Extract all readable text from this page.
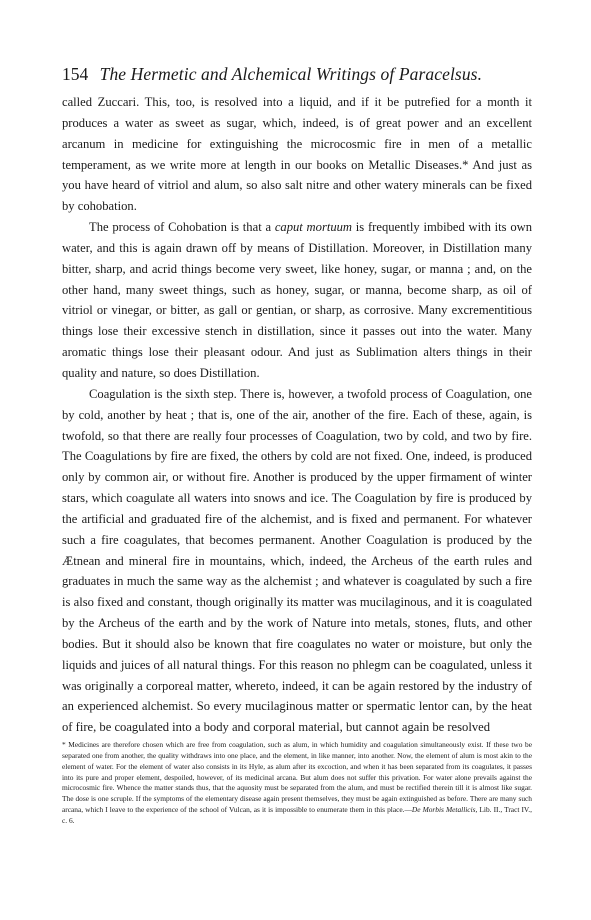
154 The Hermetic and Alchemical Writings of Paracelsus.

called Zuccari. This, too, is resolved into a liquid, and if it be putrefied for a month it produces a water as sweet as sugar, which, indeed, is of great power and an excellent arcanum in medicine for extinguishing the microcosmic fire in men of a metallic temperament, as we write more at length in our books on Metallic Diseases.* And just as you have heard of vitriol and alum, so also salt nitre and other watery minerals can be fixed by cohobation.

The process of Cohobation is that a caput mortuum is frequently imbibed with its own water, and this is again drawn off by means of Distillation. Moreover, in Distillation many bitter, sharp, and acrid things become very sweet, like honey, sugar, or manna ; and, on the other hand, many sweet things, such as honey, sugar, or manna, become sharp, as oil of vitriol or vinegar, or bitter, as gall or gentian, or sharp, as corrosive. Many excrementitious things lose their excessive stench in distillation, since it passes out into the water. Many aromatic things lose their pleasant odour. And just as Sublimation alters things in their quality and nature, so does Distillation.

Coagulation is the sixth step. There is, however, a twofold process of Coagulation, one by cold, another by heat ; that is, one of the air, another of the fire. Each of these, again, is twofold, so that there are really four processes of Coagulation, two by cold, and two by fire. The Coagulations by fire are fixed, the others by cold are not fixed. One, indeed, is produced only by common air, or without fire. Another is produced by the upper firmament of winter stars, which coagulate all waters into snows and ice. The Coagulation by fire is produced by the artificial and graduated fire of the alchemist, and is fixed and permanent. For whatever such a fire coagulates, that becomes permanent. Another Coagulation is produced by the Ætnean and mineral fire in mountains, which, indeed, the Archeus of the earth rules and graduates in much the same way as the alchemist ; and whatever is coagulated by such a fire is also fixed and constant, though originally its matter was mucilaginous, and it is coagulated by the Archeus of the earth and by the work of Nature into metals, stones, fluts, and other bodies. But it should also be known that fire coagulates no water or moisture, but only the liquids and juices of all natural things. For this reason no phlegm can be coagulated, unless it was originally a corporeal matter, whereto, indeed, it can be again restored by the industry of an experienced alchemist. So every mucilaginous matter or spermatic lentor can, by the heat of fire, be coagulated into a body and corporal material, but cannot again be resolved

* Medicines are therefore chosen which are free from coagulation, such as alum, in which humidity and coagulation simultaneously exist. If these two be separated one from another, the quality withdraws into one place, and the element, in like manner, into another. Now, the element of alum is most akin to the element of water. For the element of water also consists in its Hyle, as alum after its excoction, and when it has been separated from its coagulates, it passes into its pure and proper element, despoiled, however, of its medicinal arcana. But alum does not suffer this privation. For water alone prevails against the microcosmic fire. Whence the matter stands thus, that the aquosity must be separated from the alum, and must be rectified therein till it is almost like sugar. The dose is one scruple. If the symptoms of the elementary disease again present themselves, they must be again extinguished as before. There are many such arcana, which I leave to the experience of the school of Vulcan, as it is impossible to enumerate them in this place.—De Morbis Metallicis, Lib. II., Tract IV., c. 6.
